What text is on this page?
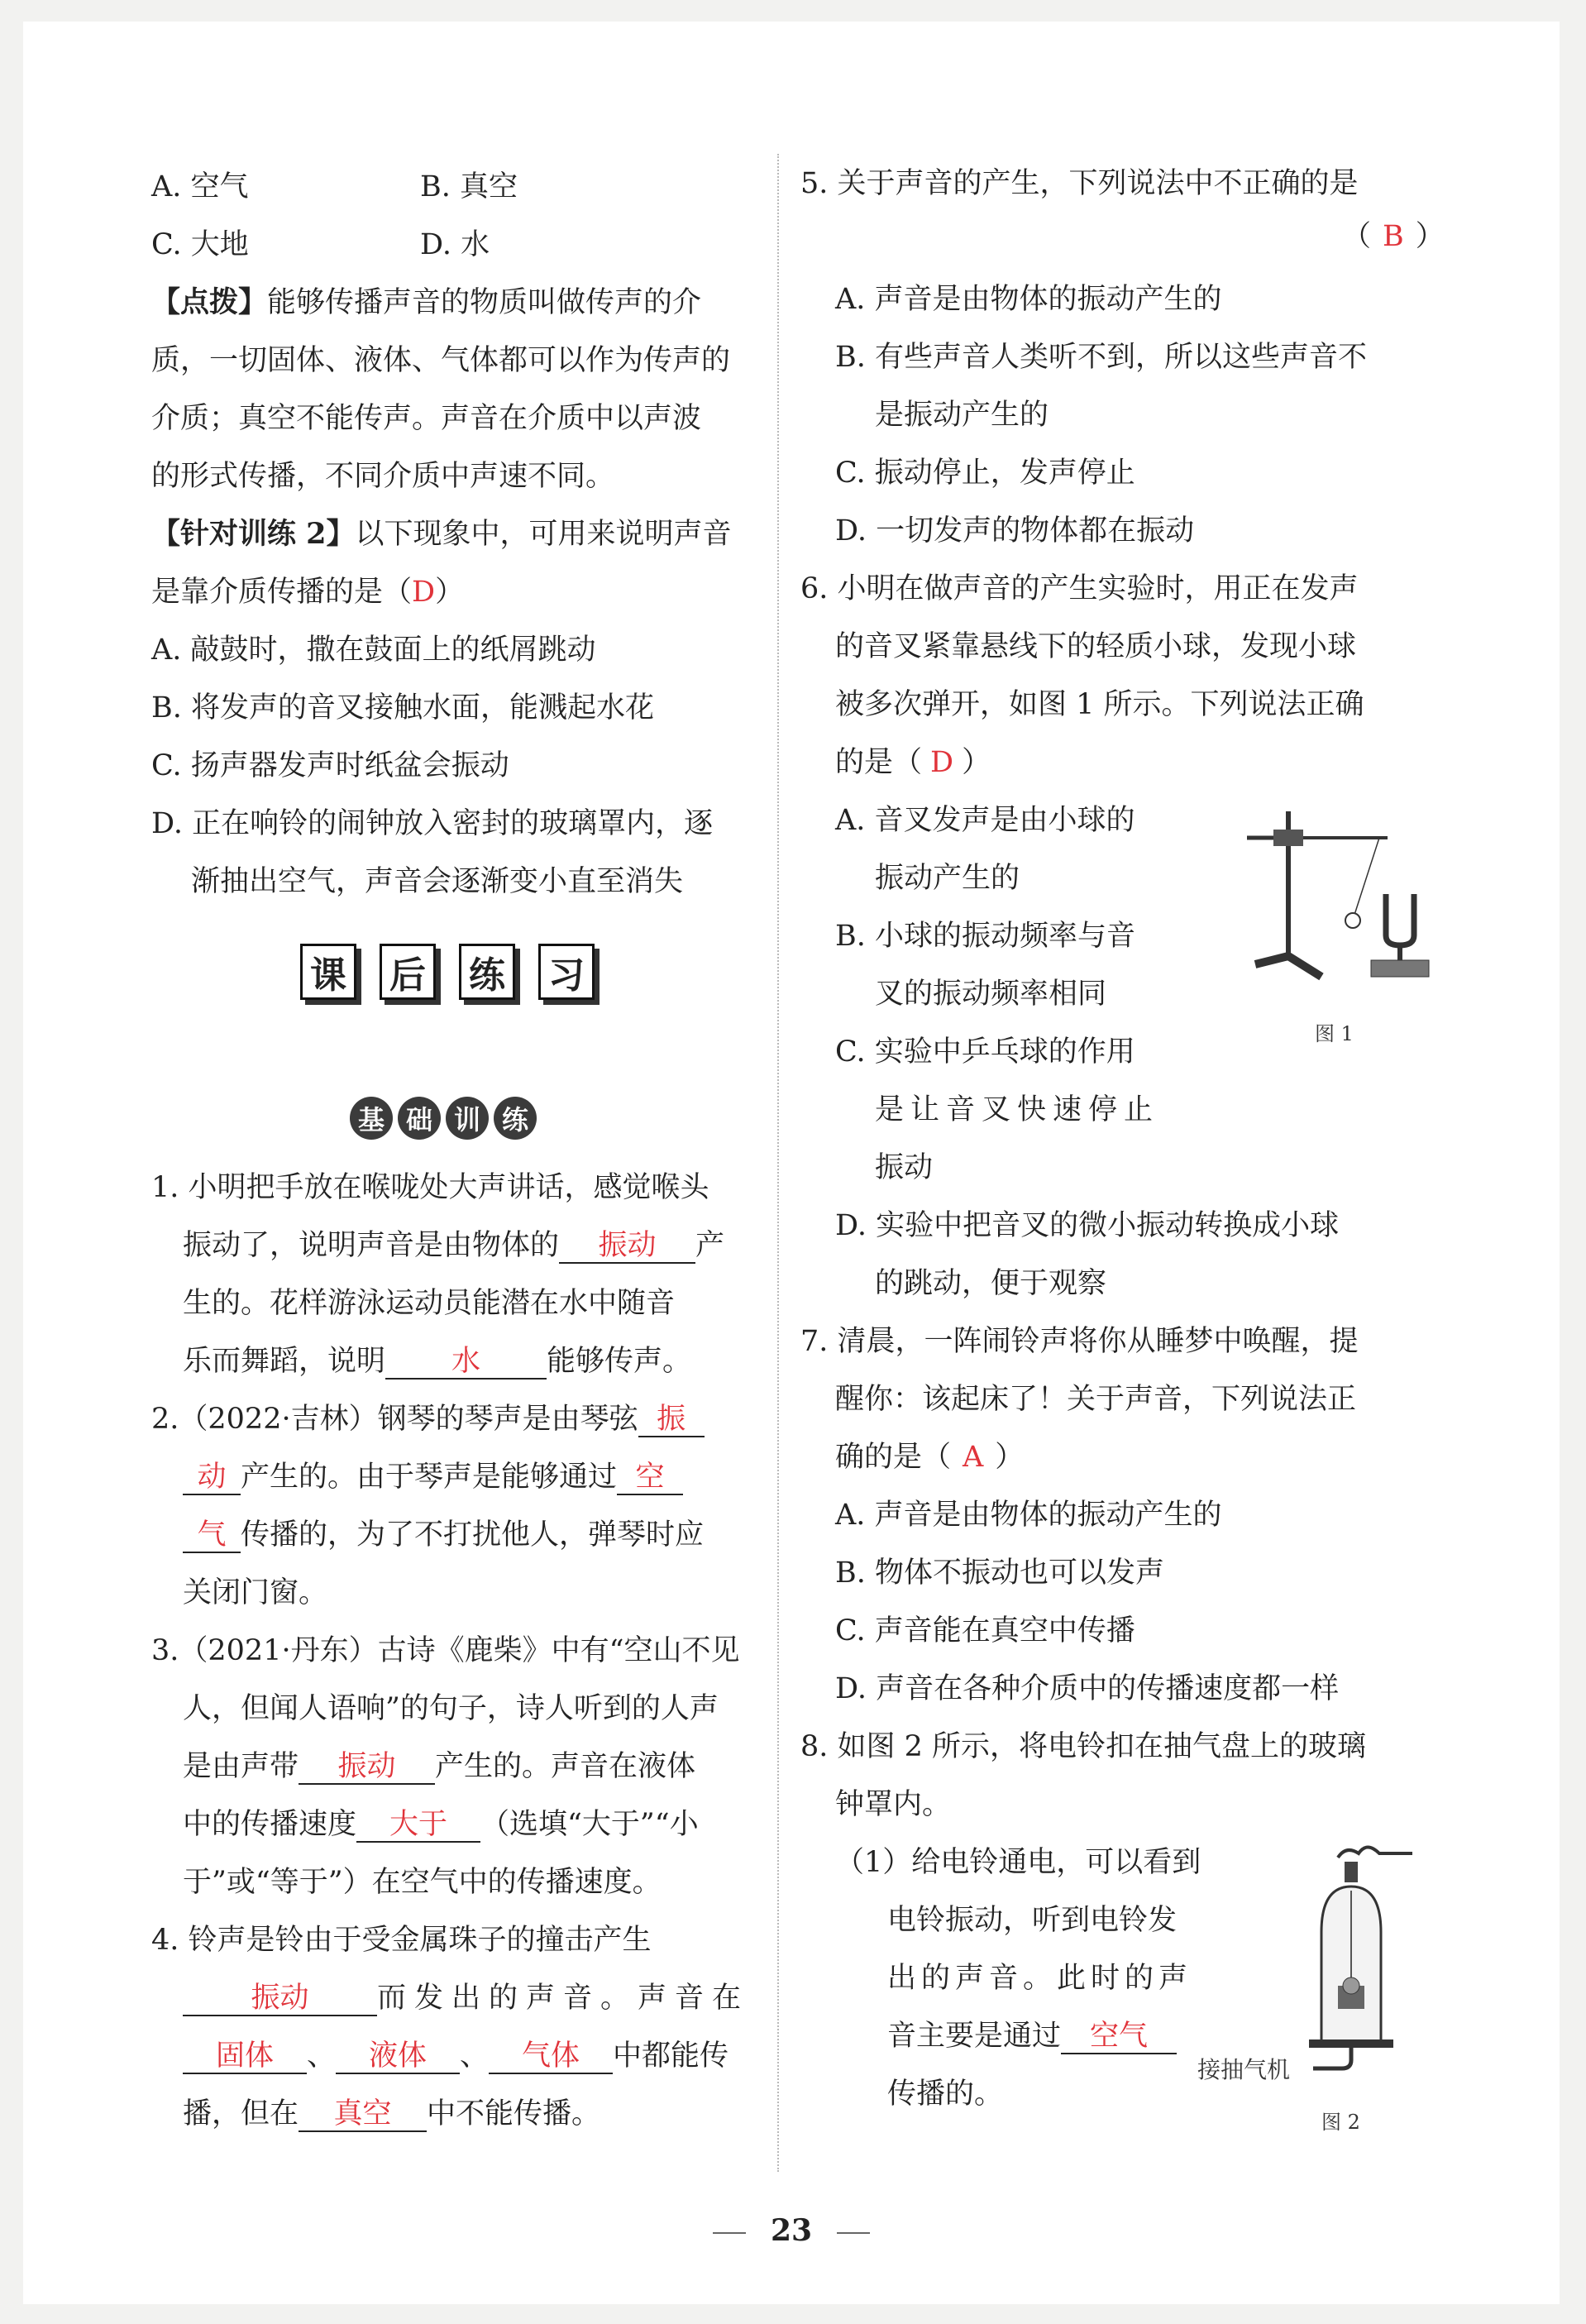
A. 空气	B. 真空
C. 大地	D. 水
【点拨】能够传播声音的物质叫做传声的介
质，一切固体、液体、气体都可以作为传声的
介质；真空不能传声。声音在介质中以声波
的形式传播，不同介质中声速不同。
【针对训练 2】以下现象中，可用来说明声音
是靠介质传播的是（D）
A. 敲鼓时，撒在鼓面上的纸屑跳动
B. 将发声的音叉接触水面，能溅起水花
C. 扬声器发声时纸盆会振动
D. 正在响铃的闹钟放入密封的玻璃罩内，逐
渐抽出空气，声音会逐渐变小直至消失
1. 小明把手放在喉咙处大声讲话，感觉喉头
振动了，说明声音是由物体的 振动 产
生的。花样游泳运动员能潜在水中随音
乐而舞蹈，说明 水 能够传声。
2.（2022·吉林）钢琴的琴声是由琴弦 振
动 产生的。由于琴声是能够通过 空
气 传播的，为了不打扰他人，弹琴时应
关闭门窗。
3.（2021·丹东）古诗《鹿柴》中有“空山不见
人，但闻人语响”的句子，诗人听到的人声
是由声带 振动 产生的。声音在液体
中的传播速度 大于 （选填“大于”“小
于”或“等于”）在空气中的传播速度。
4. 铃声是铃由于受金属珠子的撞击产生
振动 而发出的声音。声音在
固体 、 液体 、 气体 中都能传
播，但在 真空 中不能传播。
课 后 练 习
基 础 训 练
5. 关于声音的产生，下列说法中不正确的是
（ B ）
A. 声音是由物体的振动产生的
B. 有些声音人类听不到，所以这些声音不
是振动产生的
C. 振动停止，发声停止
D. 一切发声的物体都在振动
6. 小明在做声音的产生实验时，用正在发声
的音叉紧靠悬线下的轻质小球，发现小球
被多次弹开，如图 1 所示。下列说法正确
的是（ D ）
A. 音叉发声是由小球的
振动产生的
B. 小球的振动频率与音
叉的振动频率相同
C. 实验中乒乓球的作用
是让音叉快速停止
振动
D. 实验中把音叉的微小振动转换成小球
的跳动，便于观察
图 1
7. 清晨，一阵闹铃声将你从睡梦中唤醒，提
醒你：该起床了！关于声音，下列说法正
确的是（ A ）
A. 声音是由物体的振动产生的
B. 物体不振动也可以发声
C. 声音能在真空中传播
D. 声音在各种介质中的传播速度都一样
8. 如图 2 所示，将电铃扣在抽气盘上的玻璃
钟罩内。
（1）给电铃通电，可以看到
电铃振动，听到电铃发
出的声音。此时的声
音主要是通过 空气
传播的。
接抽气机
图 2
23
